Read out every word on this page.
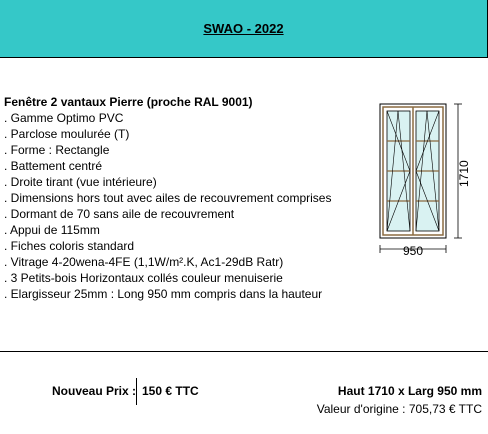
SWAO - 2022
Fenêtre 2 vantaux Pierre (proche RAL 9001)
. Gamme Optimo PVC
. Parclose moulurée (T)
. Forme : Rectangle
. Battement centré
. Droite tirant (vue intérieure)
. Dimensions hors tout avec ailes de recouvrement comprises
. Dormant de 70 sans aile de recouvrement
. Appui de 115mm
. Fiches coloris standard
. Vitrage 4-20wena-4FE (1,1W/m².K, Ac1-29dB Ratr)
. 3 Petits-bois Horizontaux collés couleur menuiserie
. Elargisseur 25mm : Long 950 mm compris dans la hauteur
1710
950
Nouveau Prix : 150 € TTC	Haut 1710 x Larg 950 mm
Valeur d'origine : 705,73 € TTC
